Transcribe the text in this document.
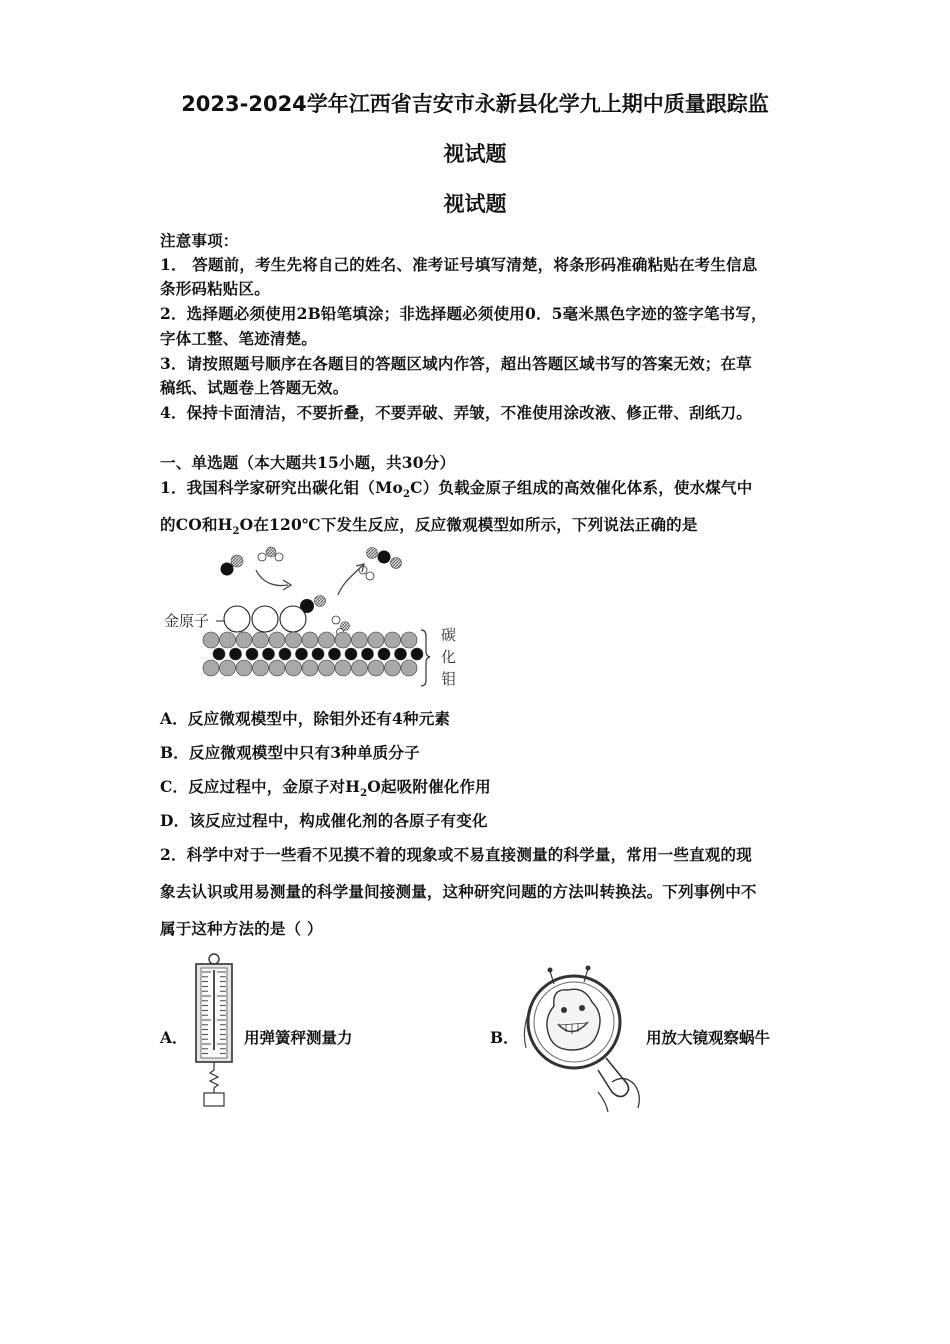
2023-2024学年江西省吉安市永新县化学九上期中质量跟踪监
视试题
视试题
注意事项：
1． 答题前，考生先将自己的姓名、准考证号填写清楚，将条形码准确粘贴在考生信息
条形码粘贴区。
2．选择题必须使用2B铅笔填涂；非选择题必须使用0．5毫米黑色字迹的签字笔书写，
字体工整、笔迹清楚。
3．请按照题号顺序在各题目的答题区域内作答，超出答题区域书写的答案无效；在草
稿纸、试题卷上答题无效。
4．保持卡面清洁，不要折叠，不要弄破、弄皱，不准使用涂改液、修正带、刮纸刀。
一、单选题（本大题共15小题，共30分）
1．我国科学家研究出碳化钼$(Mo_2C)$负载金原子组成的高效催化体系，使水煤气中
的CO和$H_2O$在120℃下发生反应，反应微观模型如所示，下列说法正确的是
金原子
碳
化
钼
A．反应微观模型中，除钼外还有4种元素
B．反应微观模型中只有3种单质分子
C．反应过程中，金原子对$H_2O$起吸附催化作用
D．该反应过程中，构成催化剂的各原子有变化
2．科学中对于一些看不见摸不着的现象或不易直接测量的科学量，常用一些直观的现
象去认识或用易测量的科学量间接测量，这种研究问题的方法叫转换法。下列事例中不
属于这种方法的是（ ）
A．	用弹簧秤测量力	B．	用放大镜观察蜗牛
